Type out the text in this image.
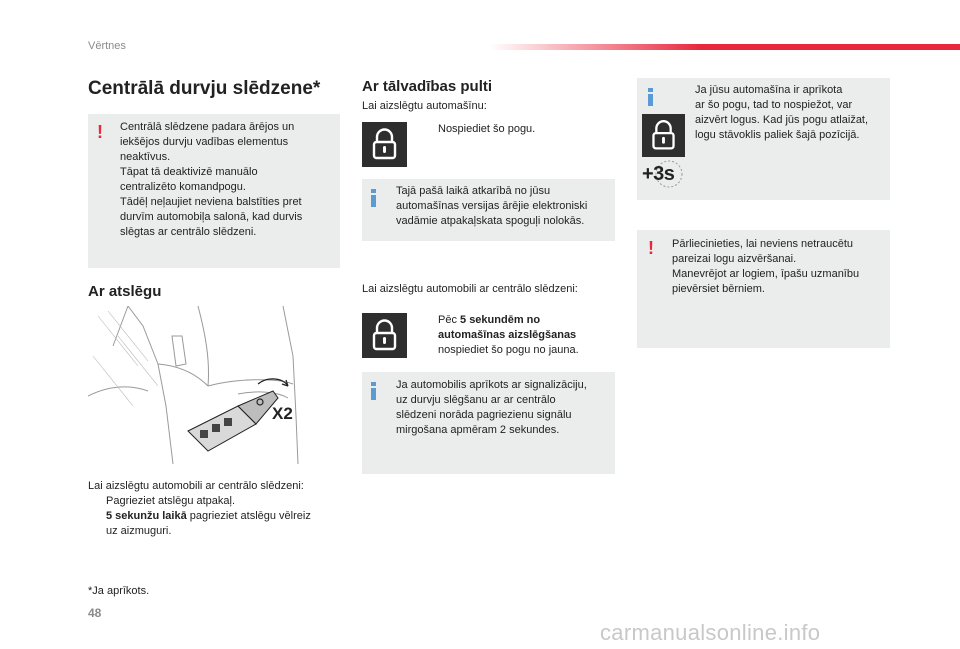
Vērtnes
Centrālā durvju slēdzene*
! Centrālā slēdzene padara ārējos un
iekšējos durvju vadības elementus
neaktīvus.
Tāpat tā deaktivizē manuālo
centralizēto komandpogu.
Tādēļ neļaujiet neviena balstīties pret
durvīm automobiļa salonā, kad durvis
slēgtas ar centrālo slēdzeni.
Ar atslēgu
X2
Lai aizslēgtu automobili ar centrālo slēdzeni:
Pagrieziet atslēgu atpakaļ.
5 sekunžu laikā pagrieziet atslēgu vēlreiz
uz aizmuguri.
*Ja aprīkots.
Ar tālvadības pulti
Lai aizslēgtu automašīnu:
Nospiediet šo pogu.
Tajā pašā laikā atkarībā no jūsu
automašīnas versijas ārējie elektroniski
vadāmie atpakaļskata spoguļi nolokās.
Lai aizslēgtu automobili ar centrālo slēdzeni:
Pēc 5 sekundēm no
automašīnas aizslēgšanas
nospiediet šo pogu no jauna.
Ja automobilis aprīkots ar signalizāciju,
uz durvju slēgšanu ar ar centrālo
slēdzeni norāda pagriezienu signālu
mirgošana apmēram 2 sekundes.
+3s
Ja jūsu automašīna ir aprīkota
ar šo pogu, tad to nospiežot, var
aizvērt logus. Kad jūs pogu atlaižat,
logu stāvoklis paliek šajā pozīcijā.
! Pārliecinieties, lai neviens netraucētu
pareizai logu aizvēršanai.
Manevrējot ar logiem, īpašu uzmanību
pievērsiet bērniem.
48
carmanualsonline.info
